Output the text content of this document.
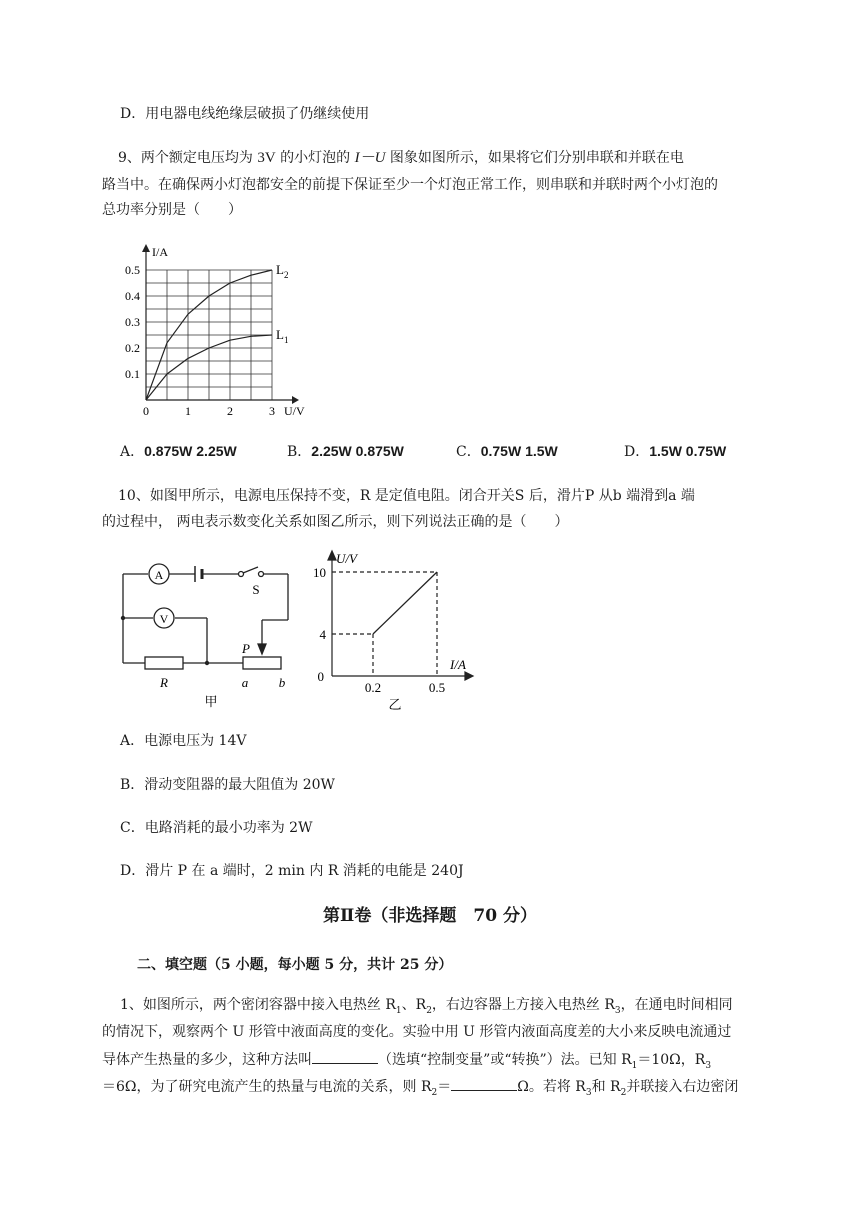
D．用电器电线绝缘层破损了仍继续使用
9、两个额定电压均为 3V 的小灯泡的 I－U 图象如图所示，如果将它们分别串联和并联在电
路当中。在确保两小灯泡都安全的前提下保证至少一个灯泡正常工作，则串联和并联时两个小灯泡的
总功率分别是（　　）
$L_2$
$L_1$
0	1	2	3
0.1
0.2
0.3
0.4
0.5
U/V
I/A
A．0.875W 2.25W	B．2.25W 0.875W	C．0.75W 1.5W	D．1.5W 0.75W
10、如图甲所示，电源电压保持不变，R 是定值电阻。闭合开关S 后，滑片P 从b 端滑到a 端
的过程中， 两电表示数变化关系如图乙所示，则下列说法正确的是（　　）
A
V
S
R
P
a b
甲
U/V
I/A
10
4
0
0.2	0.5
乙
A．电源电压为 14V
B．滑动变阻器的最大阻值为 20W
C．电路消耗的最小功率为 2W
D．滑片 P 在 a 端时，2 min 内 R 消耗的电能是 240J
第Ⅱ卷（非选择题　70 分）
二、填空题（5 小题，每小题 5 分，共计 25 分）
1、如图所示，两个密闭容器中接入电热丝 $R_1$、$R_2$，右边容器上方接入电热丝 $R_3$，在通电时间相同
的情况下，观察两个 U 形管中液面高度的变化。实验中用 U 形管内液面高度差的大小来反映电流通过
导体产生热量的多少，这种方法叫	（选填“控制变量”或“转换”）法。已知 $R_1=10\Omega$，$R_3$
＝6Ω，为了研究电流产生的热量与电流的关系，则 $R_2=$	Ω。若将 $R_3$和 $R_2$并联接入右边密闭
